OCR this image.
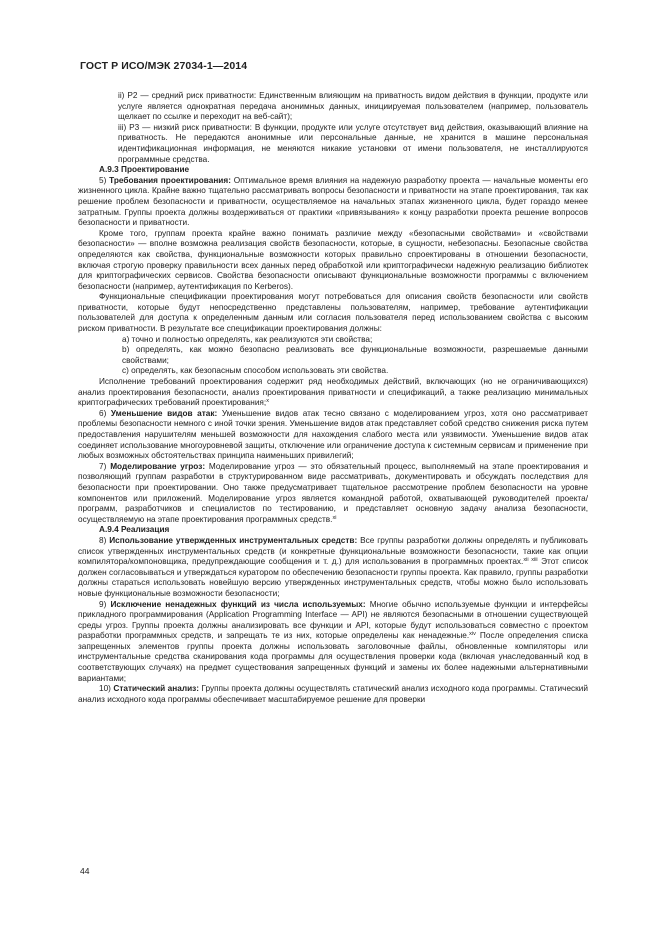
ГОСТ Р ИСО/МЭК 27034-1—2014

ii) P2 — средний риск приватности: Единственным влияющим на приватность видом действия в функции, продукте или услуге является однократная передача анонимных данных, инициируемая пользователем (например, пользователь щелкает по ссылке и переходит на веб-сайт);

iii) P3 — низкий риск приватности: В функции, продукте или услуге отсутствует вид действия, оказывающий влияние на приватность. Не передаются анонимные или персональные данные, не хранится в машине персональная идентификационная информация, не меняются никакие установки от имени пользователя, не инсталлируются программные средства.

А.9.3 Проектирование

5) Требования проектирования: Оптимальное время влияния на надежную разработку проекта — начальные моменты его жизненного цикла. Крайне важно тщательно рассматривать вопросы безопасности и приватности на этапе проектирования, так как решение проблем безопасности и приватности, осуществляемое на начальных этапах жизненного цикла, будет гораздо менее затратным. Группы проекта должны воздерживаться от практики «привязывания» к концу разработки проекта решение вопросов безопасности и приватности.

Кроме того, группам проекта крайне важно понимать различие между «безопасными свойствами» и «свойствами безопасности» — вполне возможна реализация свойств безопасности, которые, в сущности, небезопасны. Безопасные свойства определяются как свойства, функциональные возможности которых правильно спроектированы в отношении безопасности, включая строгую проверку правильности всех данных перед обработкой или криптографически надежную реализацию библиотек для криптографических сервисов. Свойства безопасности описывают функциональные возможности программы с включением безопасности (например, аутентификация по Kerberos).

Функциональные спецификации проектирования могут потребоваться для описания свойств безопасности или свойств приватности, которые будут непосредственно представлены пользователям, например, требование аутентификации пользователей для доступа к определенным данным или согласия пользователя перед использованием свойства с высоким риском приватности. В результате все спецификации проектирования должны:

a) точно и полностью определять, как реализуются эти свойства;

b) определять, как можно безопасно реализовать все функциональные возможности, разрешаемые данными свойствами;

c) определять, как безопасным способом использовать эти свойства.

Исполнение требований проектирования содержит ряд необходимых действий, включающих (но не ограничивающихся) анализ проектирования безопасности, анализ проектирования приватности и спецификаций, а также реализацию минимальных криптографических требований проектирования;$^x$

6) Уменьшение видов атак: Уменьшение видов атак тесно связано с моделированием угроз, хотя оно рассматривает проблемы безопасности немного с иной точки зрения. Уменьшение видов атак представляет собой средство снижения риска путем предоставления нарушителям меньшей возможности для нахождения слабого места или уязвимости. Уменьшение видов атак соединяет использование многоуровневой защиты, отключение или ограничение доступа к системным сервисам и применение при любых возможных обстоятельствах принципа наименьших привилегий;

7) Моделирование угроз: Моделирование угроз — это обязательный процесс, выполняемый на этапе проектирования и позволяющий группам разработки в структурированном виде рассматривать, документировать и обсуждать последствия для безопасности при проектировании. Оно также предусматривает тщательное рассмотрение проблем безопасности на уровне компонентов или приложений. Моделирование угроз является командной работой, охватывающей руководителей проекта/программ, разработчиков и специалистов по тестированию, и представляет основную задачу анализа безопасности, осуществляемую на этапе проектирования программных средств.$^{xi}$

А.9.4 Реализация

8) Использование утвержденных инструментальных средств: Все группы разработки должны определять и публиковать список утвержденных инструментальных средств (и конкретные функциональные возможности безопасности, такие как опции компилятора/компоновщика, предупреждающие сообщения и т. д.) для использования в программных проектах.$^{xii xiii}$ Этот список должен согласовываться и утверждаться куратором по обеспечению безопасности группы проекта. Как правило, группы разработки должны стараться использовать новейшую версию утвержденных инструментальных средств, чтобы можно было использовать новые функциональные возможности безопасности;

9) Исключение ненадежных функций из числа используемых: Многие обычно используемые функции и интерфейсы прикладного программирования (Application Programming Interface — API) не являются безопасными в отношении существующей среды угроз. Группы проекта должны анализировать все функции и API, которые будут использоваться совместно с проектом разработки программных средств, и запрещать те из них, которые определены как ненадежные.$^{xiv}$ После определения списка запрещенных элементов группы проекта должны использовать заголовочные файлы, обновленные компиляторы или инструментальные средства сканирования кода программы для осуществления проверки кода (включая унаследованный код в соответствующих случаях) на предмет существования запрещенных функций и замены их более надежными альтернативными вариантами;

10) Статический анализ: Группы проекта должны осуществлять статический анализ исходного кода программы. Статический анализ исходного кода программы обеспечивает масштабируемое решение для проверки

44
